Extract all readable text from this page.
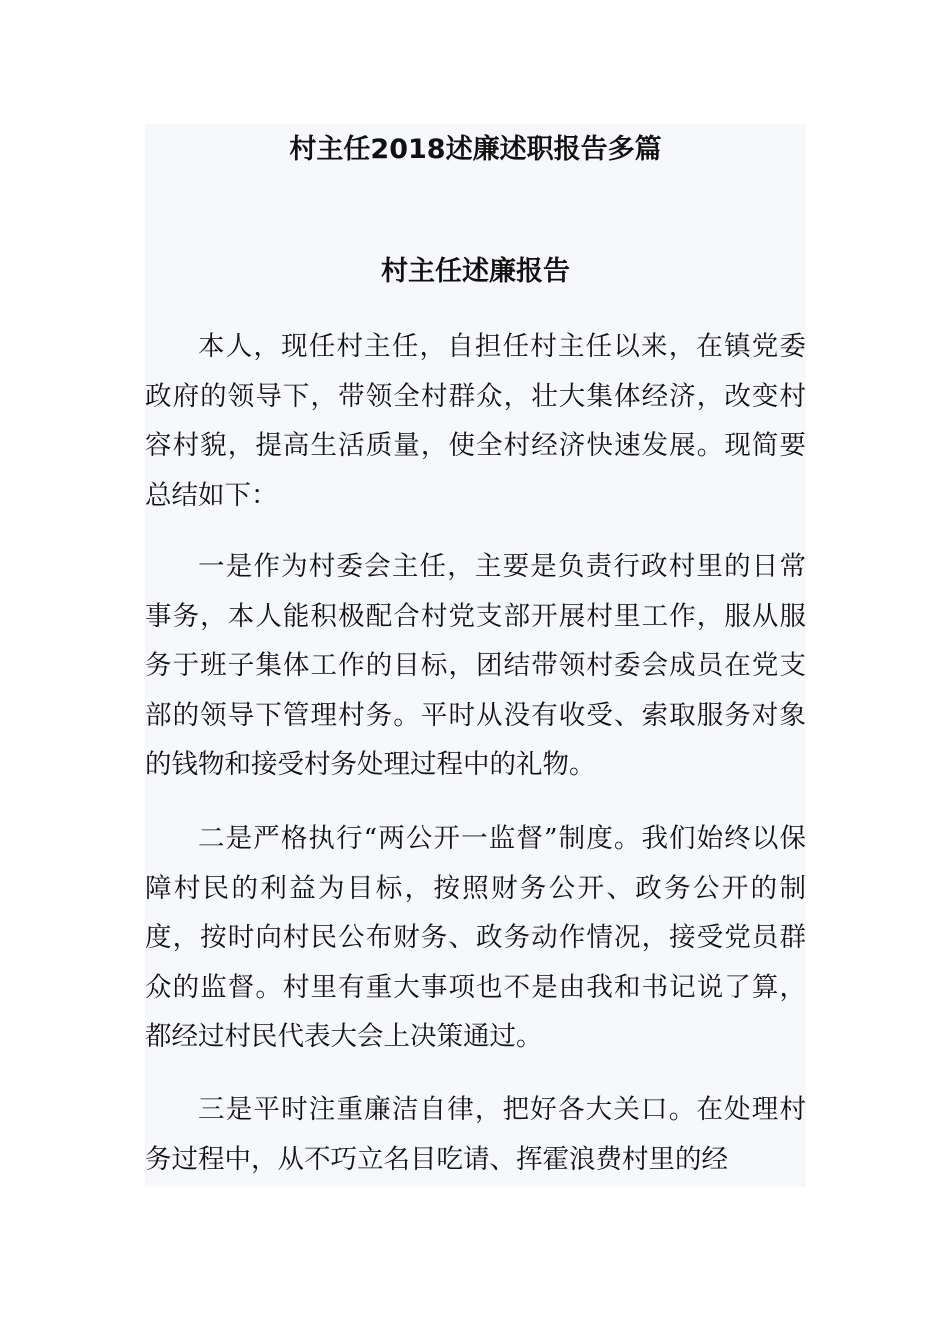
村主任2018述廉述职报告多篇
村主任述廉报告

本人，现任村主任，自担任村主任以来，在镇党委政府的领导下，带领全村群众，壮大集体经济，改变村容村貌，提高生活质量，使全村经济快速发展。现简要总结如下：

一是作为村委会主任，主要是负责行政村里的日常事务，本人能积极配合村党支部开展村里工作，服从服务于班子集体工作的目标，团结带领村委会成员在党支部的领导下管理村务。平时从没有收受、索取服务对象的钱物和接受村务处理过程中的礼物。

二是严格执行“两公开一监督”制度。我们始终以保障村民的利益为目标，按照财务公开、政务公开的制度，按时向村民公布财务、政务动作情况，接受党员群众的监督。村里有重大事项也不是由我和书记说了算，都经过村民代表大会上决策通过。

三是平时注重廉洁自律，把好各大关口。在处理村务过程中，从不巧立名目吃请、挥霍浪费村里的经
